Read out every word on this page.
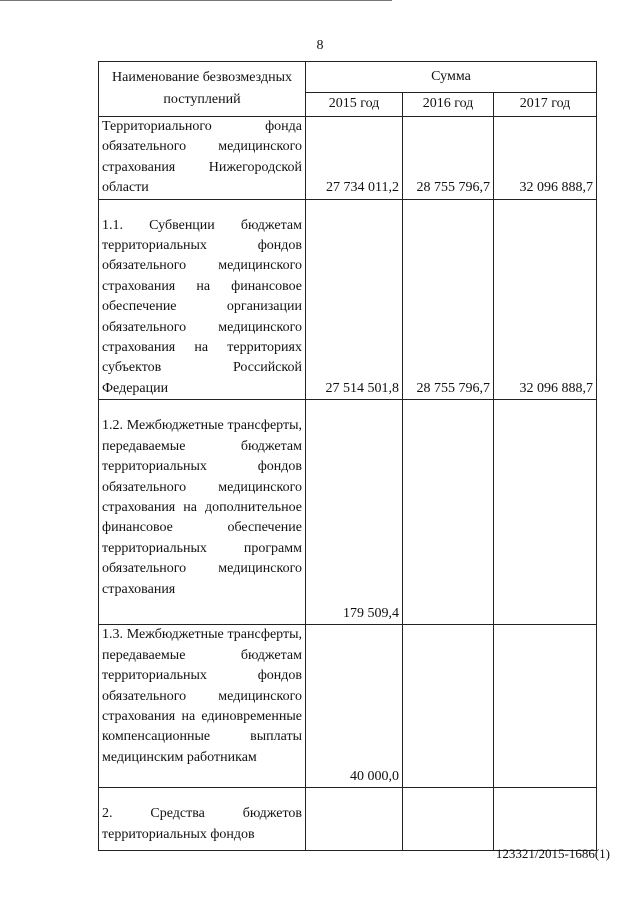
8
Наименование безвозмездных поступлений	Сумма		
	2015 год	2016 год	2017 год
Территориального фонда обязательного медицинского страхования Нижегородской области	27 734 011,2	28 755 796,7	32 096 888,7
1.1. Субвенции бюджетам территориальных фондов обязательного медицинского страхования на финансовое обеспечение организации обязательного медицинского страхования на территориях субъектов Российской Федерации	27 514 501,8	28 755 796,7	32 096 888,7
1.2. Межбюджетные трансферты, передаваемые бюджетам территориальных фондов обязательного медицинского страхования на дополнительное финансовое обеспечение территориальных программ обязательного медицинского страхования	179 509,4		
1.3. Межбюджетные трансферты, передаваемые бюджетам территориальных фондов обязательного медицинского страхования на единовременные компенсационные выплаты медицинским работникам	40 000,0		
2. Средства бюджетов территориальных фондов			
123321/2015-1686(1)
